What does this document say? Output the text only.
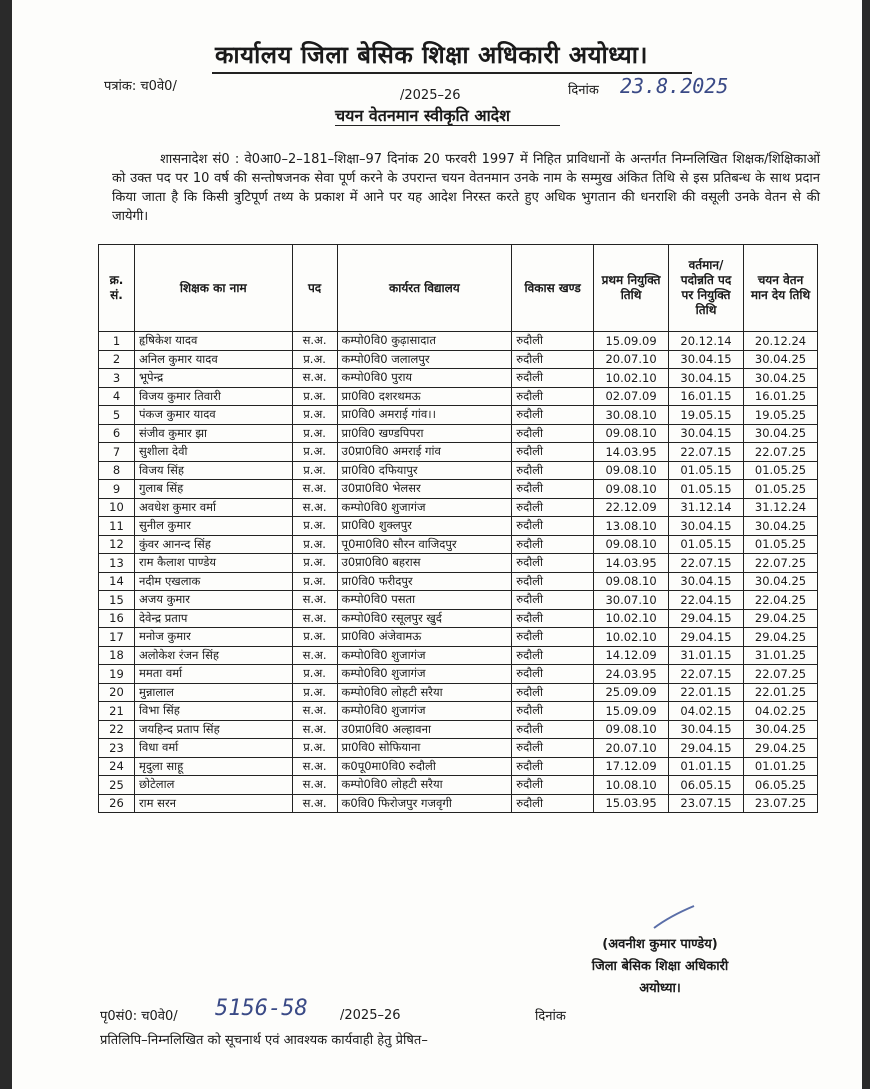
कार्यालय जिला बेसिक शिक्षा अधिकारी अयोध्या।
पत्रांक: च0वे0/
/2025–26	दिनांक 23.8.2025
चयन वेतनमान स्वीकृति आदेश
शासनादेश सं0 : वे0आ0–2–181–शिक्षा–97 दिनांक 20 फरवरी 1997 में निहित प्राविधानों के अन्तर्गत निम्नलिखित शिक्षक/शिक्षिकाओं को उक्त पद पर 10 वर्ष की सन्तोषजनक सेवा पूर्ण करने के उपरान्त चयन वेतनमान उनके नाम के सम्मुख अंकित तिथि से इस प्रतिबन्ध के साथ प्रदान किया जाता है कि किसी त्रुटिपूर्ण तथ्य के प्रकाश में आने पर यह आदेश निरस्त करते हुए अधिक भुगतान की धनराशि की वसूली उनके वेतन से की जायेगी।
क्र. सं.	शिक्षक का नाम	पद	कार्यरत विद्यालय	विकास खण्ड	प्रथम नियुक्ति तिथि	वर्तमान/ पदोन्नति पद पर नियुक्ति तिथि	चयन वेतन मान देय तिथि
1	हृषिकेश यादव	स.अ.	कम्पो0वि0 कुढ़ासादात	रुदौली	15.09.09	20.12.14	20.12.24
2	अनिल कुमार यादव	प्र.अ.	कम्पो0वि0 जलालपुर	रुदौली	20.07.10	30.04.15	30.04.25
3	भूपेन्द्र	स.अ.	कम्पो0वि0 पुराय	रुदौली	10.02.10	30.04.15	30.04.25
4	विजय कुमार तिवारी	प्र.अ.	प्रा0वि0 दशरथमऊ	रुदौली	02.07.09	16.01.15	16.01.25
5	पंकज कुमार यादव	प्र.अ.	प्रा0वि0 अमराई गांव।।	रुदौली	30.08.10	19.05.15	19.05.25
6	संजीव कुमार झा	प्र.अ.	प्रा0वि0 खण्डपिपरा	रुदौली	09.08.10	30.04.15	30.04.25
7	सुशीला देवी	प्र.अ.	उ0प्रा0वि0 अमराई गांव	रुदौली	14.03.95	22.07.15	22.07.25
8	विजय सिंह	प्र.अ.	प्रा0वि0 दफियापुर	रुदौली	09.08.10	01.05.15	01.05.25
9	गुलाब सिंह	स.अ.	उ0प्रा0वि0 भेलसर	रुदौली	09.08.10	01.05.15	01.05.25
10	अवधेश कुमार वर्मा	स.अ.	कम्पो0वि0 शुजागंज	रुदौली	22.12.09	31.12.14	31.12.24
11	सुनील कुमार	प्र.अ.	प्रा0वि0 शुक्लपुर	रुदौली	13.08.10	30.04.15	30.04.25
12	कुंवर आनन्द सिंह	प्र.अ.	पू0मा0वि0 सौरन वाजिदपुर	रुदौली	09.08.10	01.05.15	01.05.25
13	राम कैलाश पाण्डेय	प्र.अ.	उ0प्रा0वि0 बहरास	रुदौली	14.03.95	22.07.15	22.07.25
14	नदीम एखलाक	प्र.अ.	प्रा0वि0 फरीदपुर	रुदौली	09.08.10	30.04.15	30.04.25
15	अजय कुमार	स.अ.	कम्पो0वि0 पसता	रुदौली	30.07.10	22.04.15	22.04.25
16	देवेन्द्र प्रताप	स.अ.	कम्पो0वि0 रसूलपुर खुर्द	रुदौली	10.02.10	29.04.15	29.04.25
17	मनोज कुमार	प्र.अ.	प्रा0वि0 अंजेवामऊ	रुदौली	10.02.10	29.04.15	29.04.25
18	अलोकेश रंजन सिंह	स.अ.	कम्पो0वि0 शुजागंज	रुदौली	14.12.09	31.01.15	31.01.25
19	ममता वर्मा	प्र.अ.	कम्पो0वि0 शुजागंज	रुदौली	24.03.95	22.07.15	22.07.25
20	मुन्नालाल	प्र.अ.	कम्पो0वि0 लोहटी सरैया	रुदौली	25.09.09	22.01.15	22.01.25
21	विभा सिंह	स.अ.	कम्पो0वि0 शुजागंज	रुदौली	15.09.09	04.02.15	04.02.25
22	जयहिन्द प्रताप सिंह	स.अ.	उ0प्रा0वि0 अल्हावना	रुदौली	09.08.10	30.04.15	30.04.25
23	विधा वर्मा	प्र.अ.	प्रा0वि0 सोफियाना	रुदौली	20.07.10	29.04.15	29.04.25
24	मृदुला साहू	स.अ.	क0पू0मा0वि0 रुदौली	रुदौली	17.12.09	01.01.15	01.01.25
25	छोटेलाल	स.अ.	कम्पो0वि0 लोहटी सरैया	रुदौली	10.08.10	06.05.15	06.05.25
26	राम सरन	स.अ.	क0वि0 फिरोजपुर गजवृगी	रुदौली	15.03.95	23.07.15	23.07.25
(अवनीश कुमार पाण्डेय)
जिला बेसिक शिक्षा अधिकारी
अयोध्या।
पृ0सं0: च0वे0/ 5156-58 /2025–26	दिनांक
प्रतिलिपि–निम्नलिखित को सूचनार्थ एवं आवश्यक कार्यवाही हेतु प्रेषित–
